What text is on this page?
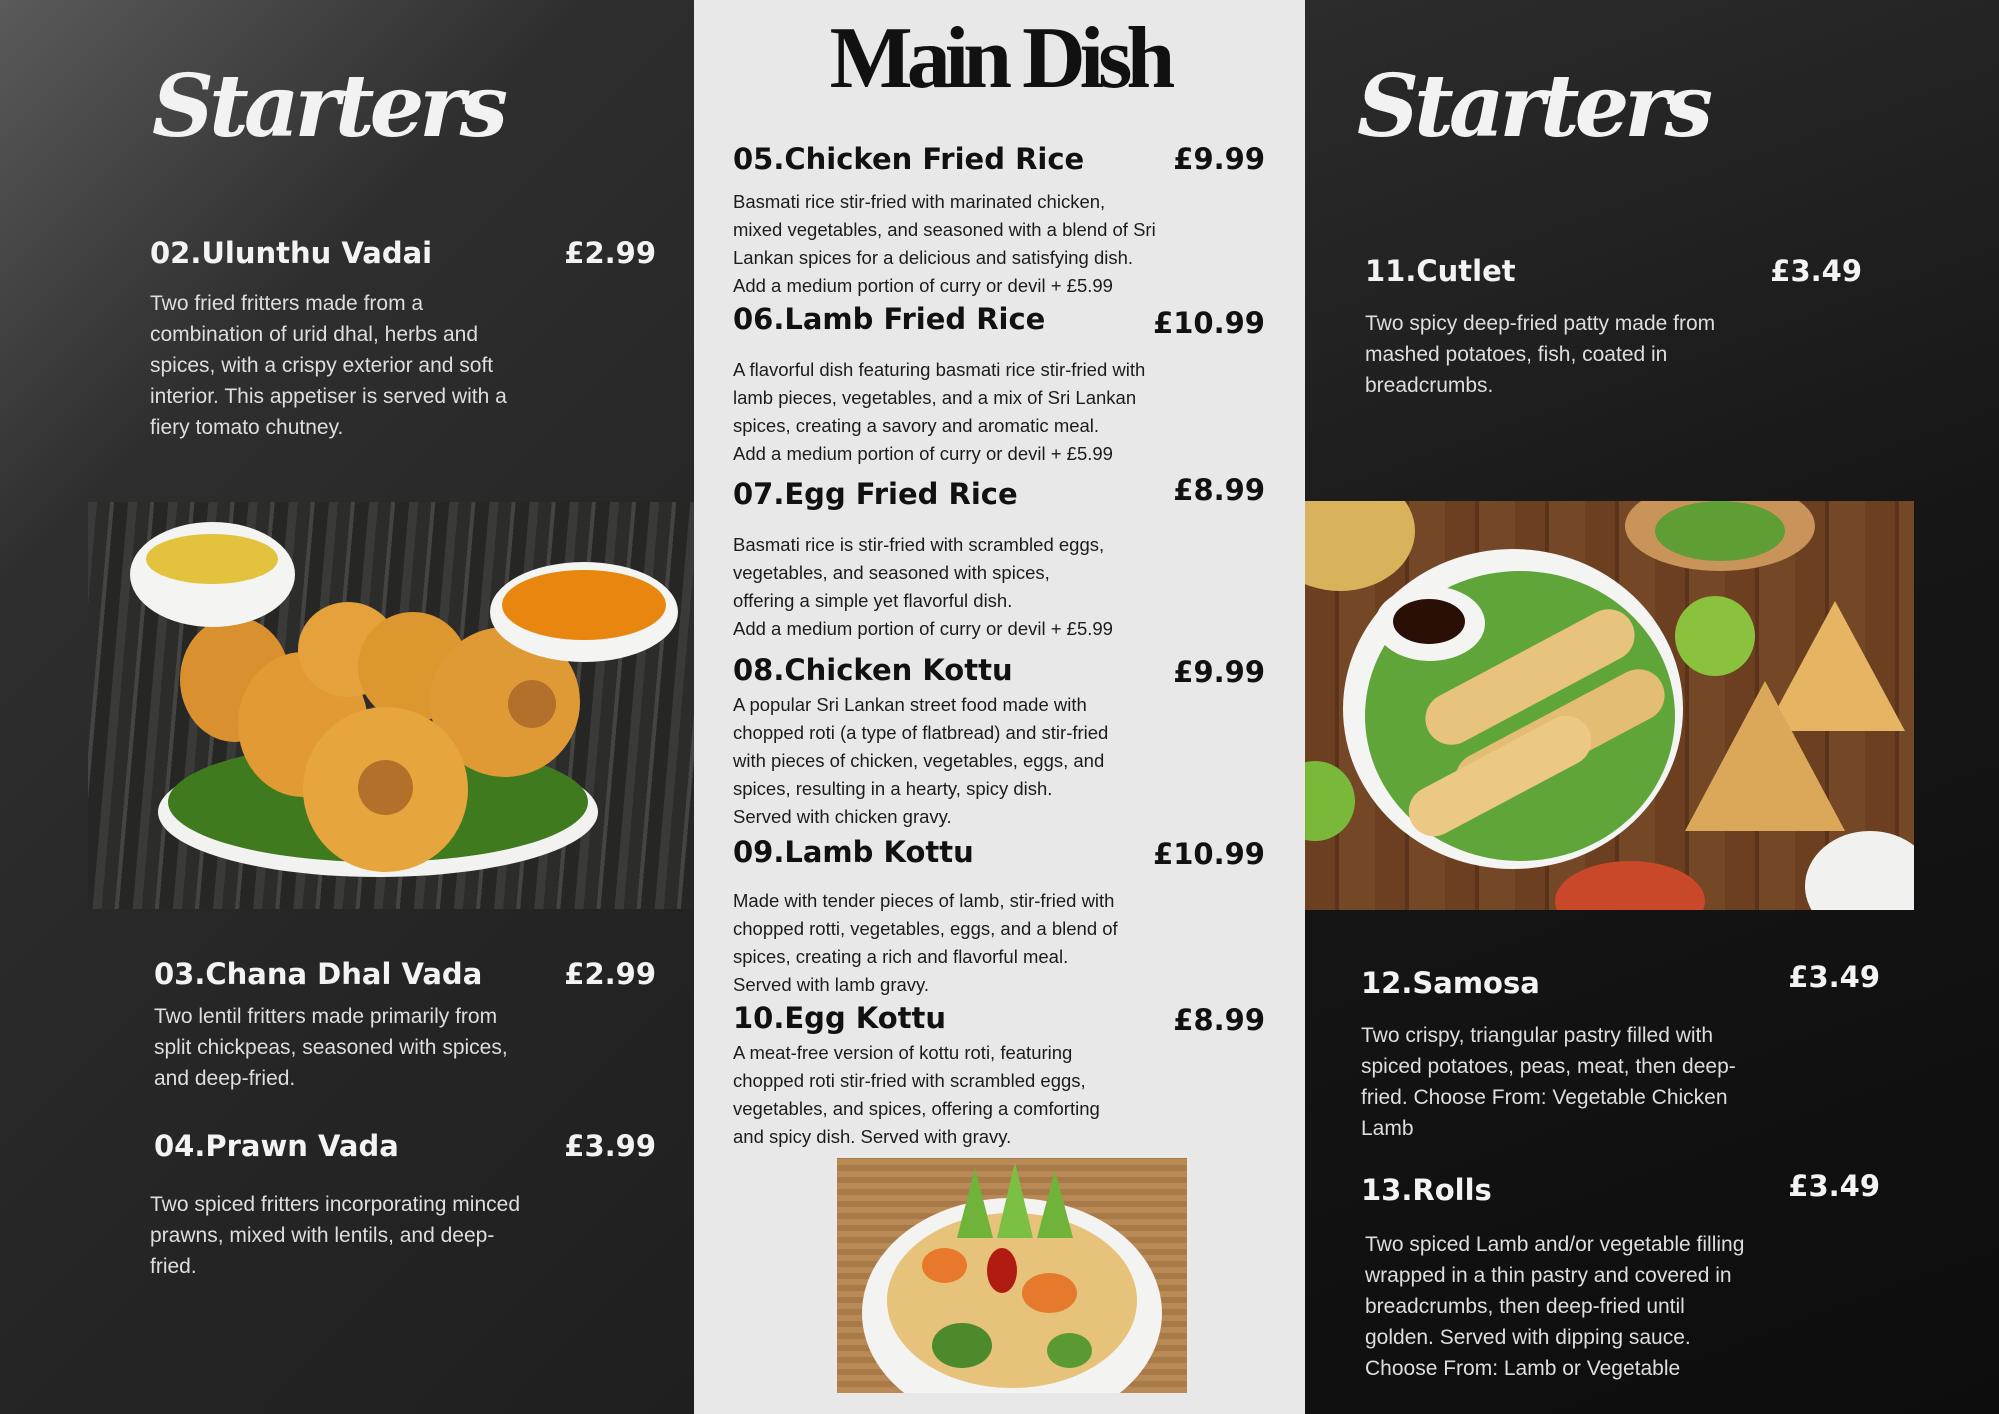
Starters
02.Ulunthu Vadai	£2.99
Two fried fritters made from a
combination of urid dhal, herbs and
spices, with a crispy exterior and soft
interior. This appetiser is served with a
fiery tomato chutney.
03.Chana Dhal Vada	£2.99
Two lentil fritters made primarily from
split chickpeas, seasoned with spices,
and deep-fried.
04.Prawn Vada	£3.99
Two spiced fritters incorporating minced
prawns, mixed with lentils, and deep-
fried.
Main Dish
05.Chicken Fried Rice	£9.99
Basmati rice stir-fried with marinated chicken,
mixed vegetables, and seasoned with a blend of Sri
Lankan spices for a delicious and satisfying dish.
Add a medium portion of curry or devil + £5.99
06.Lamb Fried Rice	£10.99
A flavorful dish featuring basmati rice stir-fried with
lamb pieces, vegetables, and a mix of Sri Lankan
spices, creating a savory and aromatic meal.
Add a medium portion of curry or devil + £5.99
07.Egg Fried Rice	£8.99
Basmati rice is stir-fried with scrambled eggs,
vegetables, and seasoned with spices,
offering a simple yet flavorful dish.
Add a medium portion of curry or devil + £5.99
08.Chicken Kottu	£9.99
A popular Sri Lankan street food made with
chopped roti (a type of flatbread) and stir-fried
with pieces of chicken, vegetables, eggs, and
spices, resulting in a hearty, spicy dish.
Served with chicken gravy.
09.Lamb Kottu	£10.99
Made with tender pieces of lamb, stir-fried with
chopped rotti, vegetables, eggs, and a blend of
spices, creating a rich and flavorful meal.
Served with lamb gravy.
10.Egg Kottu	£8.99
A meat-free version of kottu roti, featuring
chopped roti stir-fried with scrambled eggs,
vegetables, and spices, offering a comforting
and spicy dish. Served with gravy.
Starters
11.Cutlet	£3.49
Two spicy deep-fried patty made from
mashed potatoes, fish, coated in
breadcrumbs.
12.Samosa	£3.49
Two crispy, triangular pastry filled with
spiced potatoes, peas, meat, then deep-
fried. Choose From: Vegetable Chicken
Lamb
13.Rolls	£3.49
Two spiced Lamb and/or vegetable filling
wrapped in a thin pastry and covered in
breadcrumbs, then deep-fried until
golden. Served with dipping sauce.
Choose From: Lamb or Vegetable
